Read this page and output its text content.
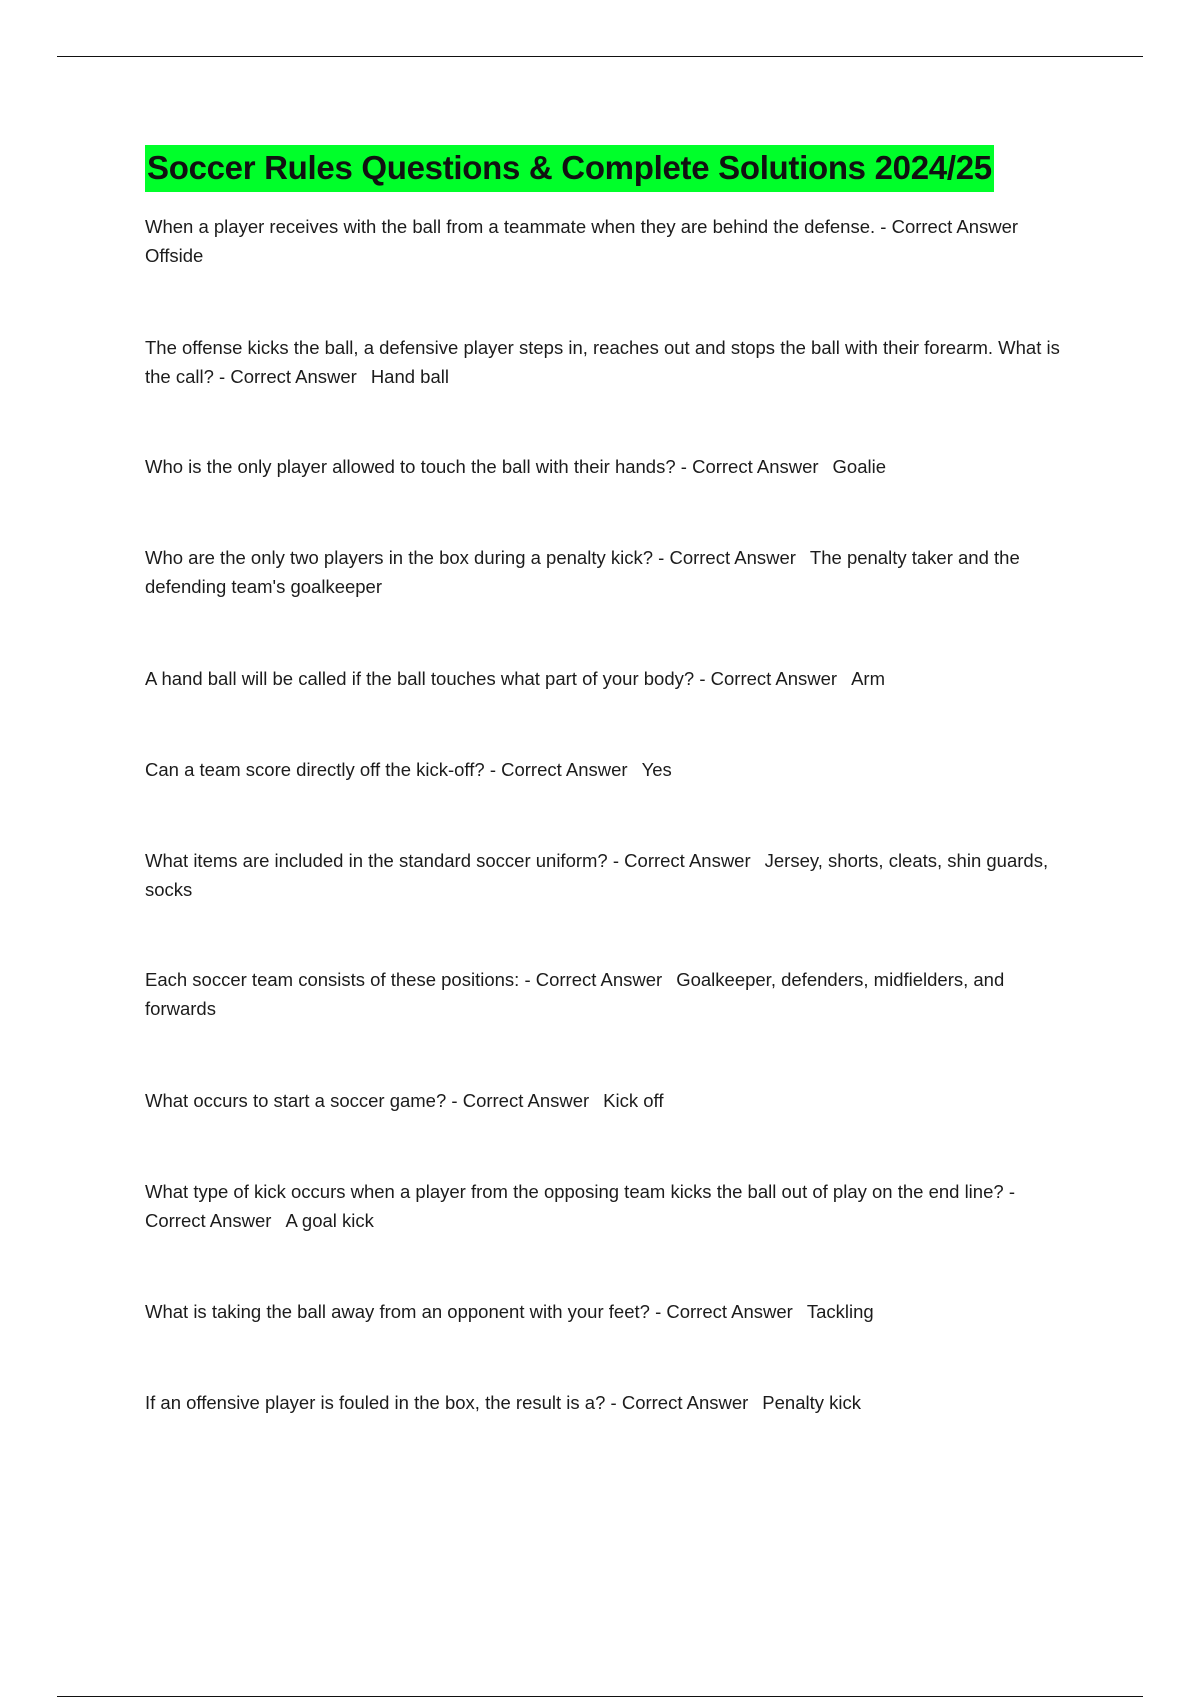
Soccer Rules Questions & Complete Solutions 2024/25

When a player receives with the ball from a teammate when they are behind the defense. - Correct AnswerOffside

The offense kicks the ball, a defensive player steps in, reaches out and stops the ball with their forearm. What is the call? - Correct Answer Hand ball

Who is the only player allowed to touch the ball with their hands? - Correct Answer Goalie

Who are the only two players in the box during a penalty kick? - Correct Answer The penalty taker and the defending team's goalkeeper

A hand ball will be called if the ball touches what part of your body? - Correct Answer Arm

Can a team score directly off the kick-off? - Correct Answer Yes

What items are included in the standard soccer uniform? - Correct Answer Jersey, shorts, cleats, shin guards, socks

Each soccer team consists of these positions: - Correct Answer Goalkeeper, defenders, midfielders, and forwards

What occurs to start a soccer game? - Correct Answer Kick off

What type of kick occurs when a player from the opposing team kicks the ball out of play on the end line? - Correct Answer A goal kick

What is taking the ball away from an opponent with your feet? - Correct Answer Tackling

If an offensive player is fouled in the box, the result is a? - Correct Answer Penalty kick
